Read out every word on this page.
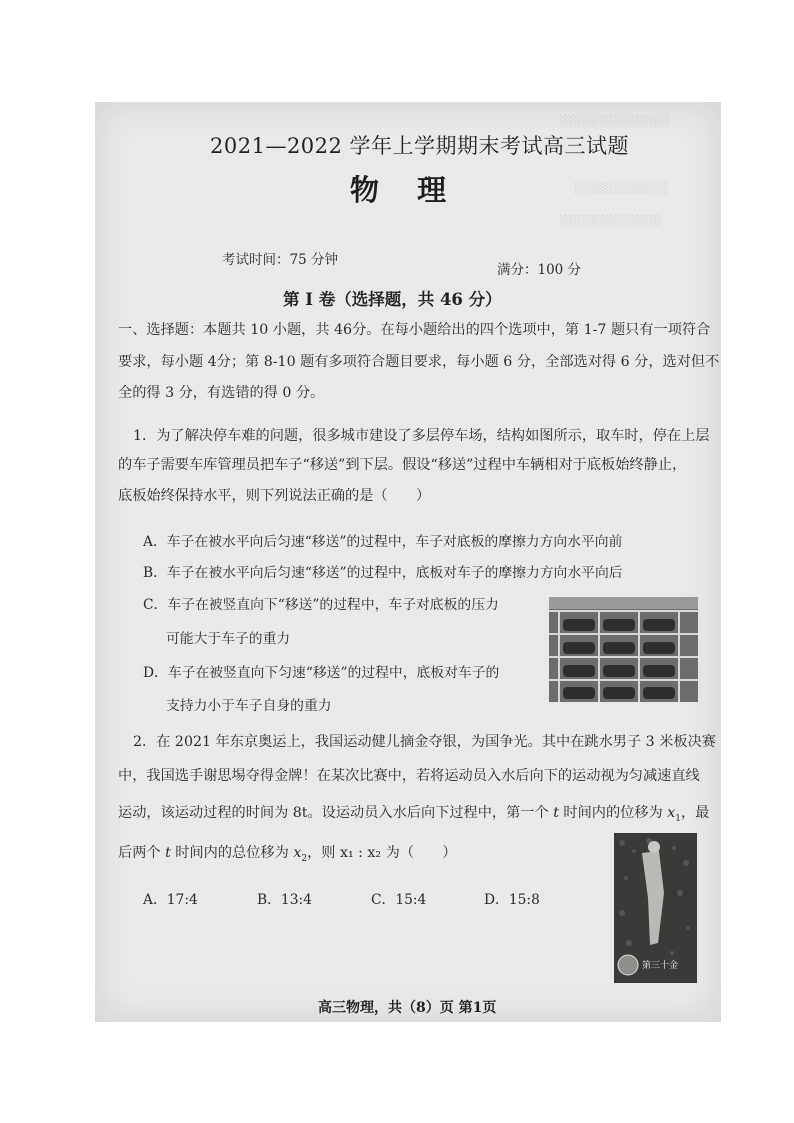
░░░░░░░░░░░░░
░░░░░░░░░░░
░░░░░░░░░░░░
2021—2022 学年上学期期末考试高三试题
物 理
考试时间：75 分钟
满分：100 分
第 Ⅰ 卷（选择题，共 46 分）
一、选择题：本题共 10 小题，共 46分。在每小题给出的四个选项中，第 1-7 题只有一项符合
要求，每小题 4分；第 8-10 题有多项符合题目要求，每小题 6 分，全部选对得 6 分，选对但不
全的得 3 分，有选错的得 0 分。
1．为了解决停车难的问题，很多城市建设了多层停车场，结构如图所示，取车时，停在上层
的车子需要车库管理员把车子“移送”到下层。假设“移送”过程中车辆相对于底板始终静止，
底板始终保持水平，则下列说法正确的是（　　）
A．车子在被水平向后匀速“移送”的过程中，车子对底板的摩擦力方向水平向前
B．车子在被水平向后匀速“移送”的过程中，底板对车子的摩擦力方向水平向后
C．车子在被竖直向下“移送”的过程中，车子对底板的压力
可能大于车子的重力
D．车子在被竖直向下匀速“移送”的过程中，底板对车子的
支持力小于车子自身的重力
2．在 2021 年东京奥运上，我国运动健儿摘金夺银，为国争光。其中在跳水男子 3 米板决赛
中，我国选手谢思埸夺得金牌！在某次比赛中，若将运动员入水后向下的运动视为匀减速直线
运动，该运动过程的时间为 8t。设运动员入水后向下过程中，第一个 t 时间内的位移为 $x_1$，最
后两个 t 时间内的总位移为 $x_2$，则 x₁ : x₂ 为（　　）
A．17:4	B．13:4	C．15:4	D．15:8
第三十金
高三物理，共（8）页 第1页
